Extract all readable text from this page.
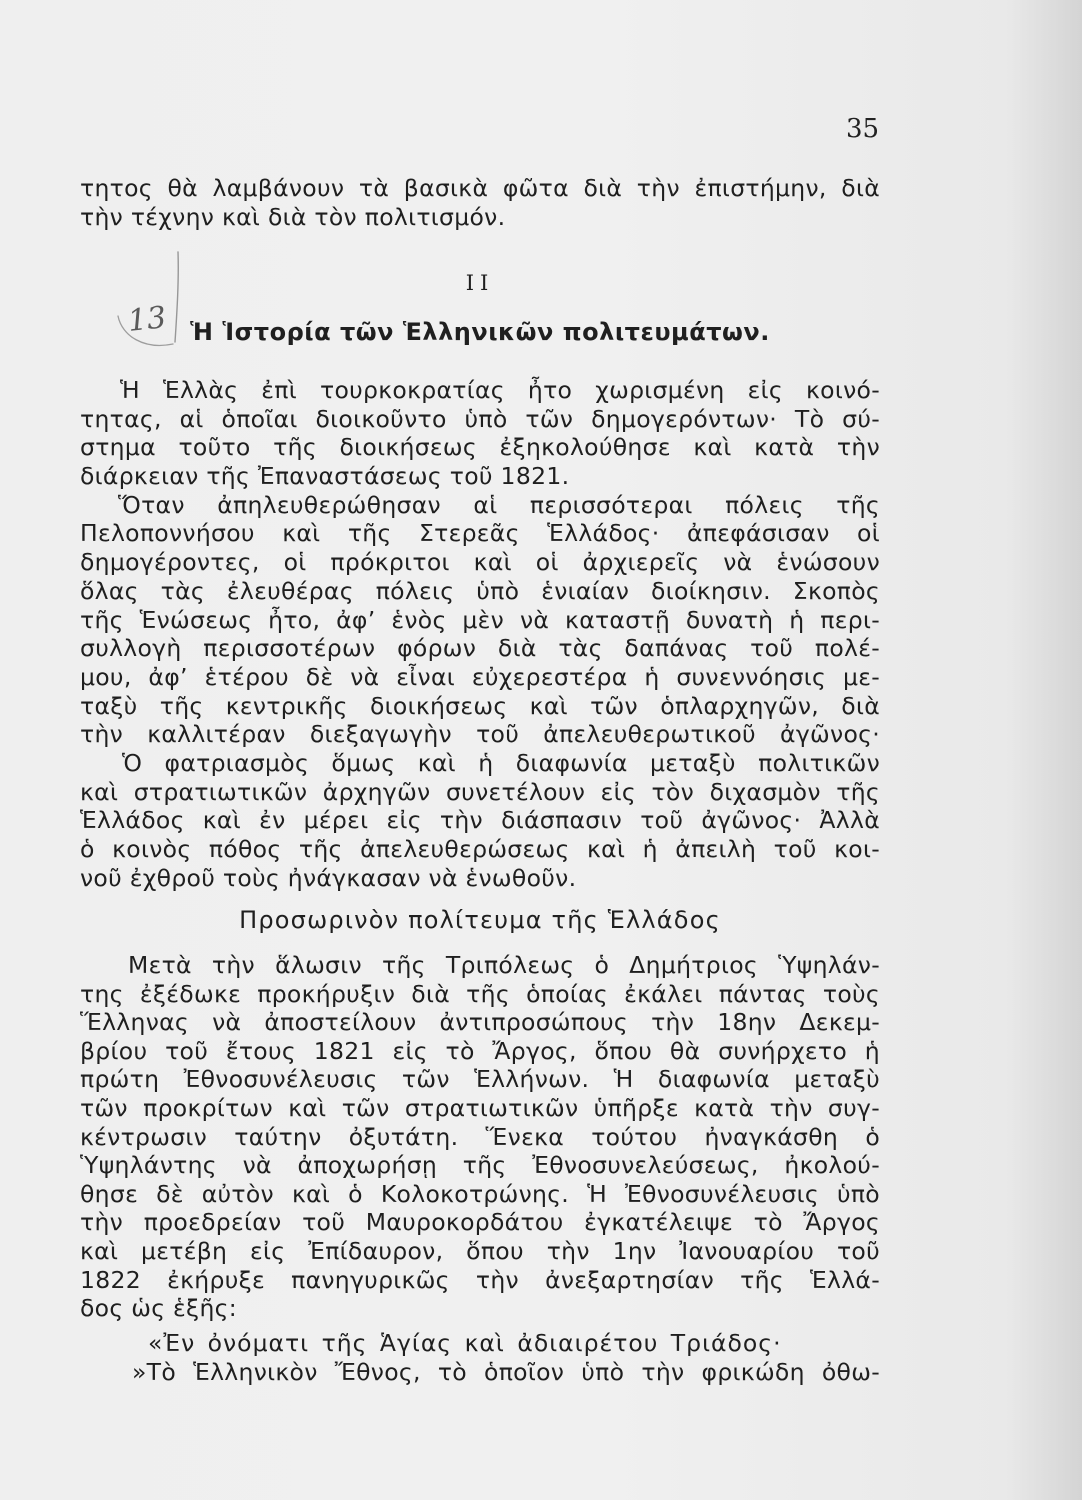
35
τητος θὰ λαμβάνουν τὰ βασικὰ φῶτα διὰ τὴν ἐπιστήμην, διὰ
τὴν τέχνην καὶ διὰ τὸν πολιτισμόν.
ΙΙ
13 Ἡ Ἱστορία τῶν Ἑλληνικῶν πολιτευμάτων.
Ἡ Ἑλλὰς ἐπὶ τουρκοκρατίας ἦτο χωρισμένη εἰς κοινό-
τητας, αἱ ὁποῖαι διοικοῦντο ὑπὸ τῶν δημογερόντων· Τὸ σύ-
στημα τοῦτο τῆς διοικήσεως ἐξηκολούθησε καὶ κατὰ τὴν
διάρκειαν τῆς Ἐπαναστάσεως τοῦ 1821.
Ὅταν ἀπηλευθερώθησαν αἱ περισσότεραι πόλεις τῆς
Πελοποννήσου καὶ τῆς Στερεᾶς Ἑλλάδος· ἀπεφάσισαν οἱ
δημογέροντες, οἱ πρόκριτοι καὶ οἱ ἀρχιερεῖς νὰ ἑνώσουν
ὅλας τὰς ἐλευθέρας πόλεις ὑπὸ ἑνιαίαν διοίκησιν. Σκοπὸς
τῆς Ἑνώσεως ἦτο, ἀφ’ ἑνὸς μὲν νὰ καταστῇ δυνατὴ ἡ περι-
συλλογὴ περισσοτέρων φόρων διὰ τὰς δαπάνας τοῦ πολέ-
μου, ἀφ’ ἑτέρου δὲ νὰ εἶναι εὐχερεστέρα ἡ συνεννόησις με-
ταξὺ τῆς κεντρικῆς διοικήσεως καὶ τῶν ὁπλαρχηγῶν, διὰ
τὴν καλλιτέραν διεξαγωγὴν τοῦ ἀπελευθερωτικοῦ ἀγῶνος·
Ὁ φατριασμὸς ὅμως καὶ ἡ διαφωνία μεταξὺ πολιτικῶν
καὶ στρατιωτικῶν ἀρχηγῶν συνετέλουν εἰς τὸν διχασμὸν τῆς
Ἑλλάδος καὶ ἐν μέρει εἰς τὴν διάσπασιν τοῦ ἀγῶνος· Ἀλλὰ
ὁ κοινὸς πόθος τῆς ἀπελευθερώσεως καὶ ἡ ἀπειλὴ τοῦ κοι-
νοῦ ἐχθροῦ τοὺς ἠνάγκασαν νὰ ἑνωθοῦν.
Προσωρινὸν πολίτευμα τῆς Ἑλλάδος
Μετὰ τὴν ἅλωσιν τῆς Τριπόλεως ὁ Δημήτριος Ὑψηλάν-
της ἐξέδωκε προκήρυξιν διὰ τῆς ὁποίας ἐκάλει πάντας τοὺς
Ἕλληνας νὰ ἀποστείλουν ἀντιπροσώπους τὴν 18ην Δεκεμ-
βρίου τοῦ ἔτους 1821 εἰς τὸ Ἄργος, ὅπου θὰ συνήρχετο ἡ
πρώτη Ἐθνοσυνέλευσις τῶν Ἑλλήνων. Ἡ διαφωνία μεταξὺ
τῶν προκρίτων καὶ τῶν στρατιωτικῶν ὑπῆρξε κατὰ τὴν συγ-
κέντρωσιν ταύτην ὀξυτάτη. Ἕνεκα τούτου ἠναγκάσθη ὁ
Ὑψηλάντης νὰ ἀποχωρήσῃ τῆς Ἐθνοσυνελεύσεως, ἠκολού-
θησε δὲ αὐτὸν καὶ ὁ Κολοκοτρώνης. Ἡ Ἐθνοσυνέλευσις ὑπὸ
τὴν προεδρείαν τοῦ Μαυροκορδάτου ἐγκατέλειψε τὸ Ἄργος
καὶ μετέβη εἰς Ἐπίδαυρον, ὅπου τὴν 1ην Ἰανουαρίου τοῦ
1822 ἐκήρυξε πανηγυρικῶς τὴν ἀνεξαρτησίαν τῆς Ἑλλά-
δος ὡς ἑξῆς:
«Ἐν ὀνόματι τῆς Ἁγίας καὶ ἀδιαιρέτου Τριάδος·
»Τὸ Ἑλληνικὸν Ἔθνος, τὸ ὁποῖον ὑπὸ τὴν φρικώδη ὀθω-
